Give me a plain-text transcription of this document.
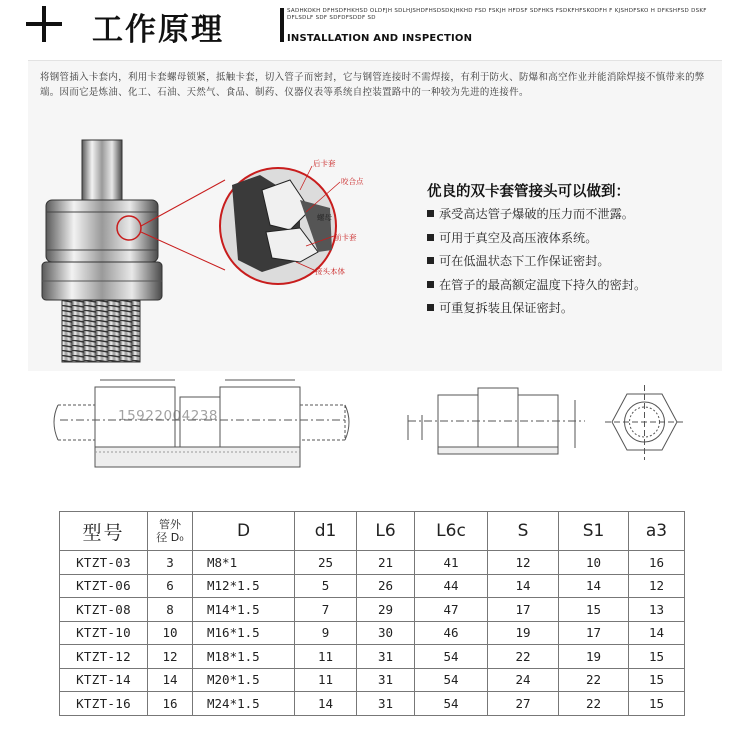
工作原理
SADHKOKH DFHSDFHKHSD OLDFJH SDLHJSHDFHSDSDKJHKHD FSD FSKJH HFDSF SDFHKS FSDKFHFSKODFH F KJSHDFSKO H DFKSHFSD DSKF DFLSDLF SDF SDFDFSDDF SD
INSTALLATION AND INSPECTION
将钢管插入卡套内，利用卡套螺母锁紧，抵触卡套，切入管子而密封，它与钢管连接时不需焊接，有利于防火、防爆和高空作业并能消除焊接不慎带来的弊端。因而它是炼油、化工、石油、天然气、食品、制药、仪器仪表等系统自控装置路中的一种较为先进的连接件。
后卡套
咬合点
螺母
前卡套
接头本体
优良的双卡套管接头可以做到：
承受高达管子爆破的压力而不泄露。
可用于真空及高压液体系统。
可在低温状态下工作保证密封。
在管子的最高额定温度下持久的密封。
可重复拆装且保证密封。
15922004238
型号	管外
径 D₀	D	d1	L6	L6c	S	S1	a3
KTZT-03	3	M8*1	25	21	41	12	10	16
KTZT-06	6	M12*1.5	5	26	44	14	14	12
KTZT-08	8	M14*1.5	7	29	47	17	15	13
KTZT-10	10	M16*1.5	9	30	46	19	17	14
KTZT-12	12	M18*1.5	11	31	54	22	19	15
KTZT-14	14	M20*1.5	11	31	54	24	22	15
KTZT-16	16	M24*1.5	14	31	54	27	22	15
